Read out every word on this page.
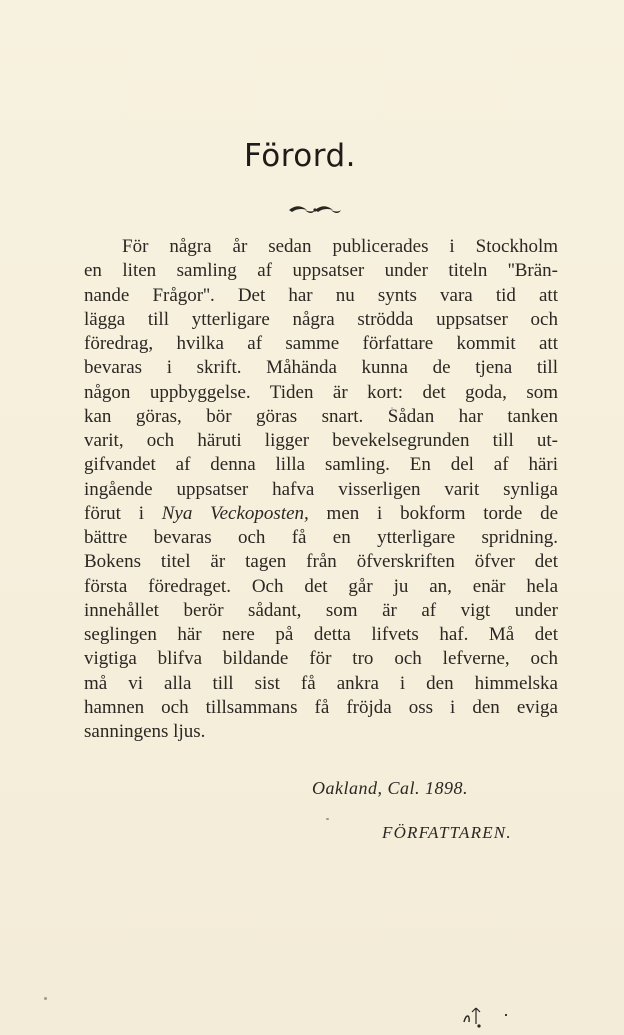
Förord.
För några år sedan publicerades i Stockholm
en liten samling af uppsatser under titeln ''Brän-
nande Frågor''. Det har nu synts vara tid att
lägga till ytterligare några strödda uppsatser och
föredrag, hvilka af samme författare kommit att
bevaras i skrift. Måhända kunna de tjena till
någon uppbyggelse. Tiden är kort: det goda, som
kan göras, bör göras snart. Sådan har tanken
varit, och häruti ligger bevekelsegrunden till ut-
gifvandet af denna lilla samling. En del af häri
ingående uppsatser hafva visserligen varit synliga
förut i Nya Veckoposten, men i bokform torde de
bättre bevaras och få en ytterligare spridning.
Bokens titel är tagen från öfverskriften öfver det
första föredraget. Och det går ju an, enär hela
innehållet berör sådant, som är af vigt under
seglingen här nere på detta lifvets haf. Må det
vigtiga blifva bildande för tro och lefverne, och
må vi alla till sist få ankra i den himmelska
hamnen och tillsammans få fröjda oss i den eviga
sanningens ljus.
Oakland, Cal. 1898.
FÖRFATTAREN.
